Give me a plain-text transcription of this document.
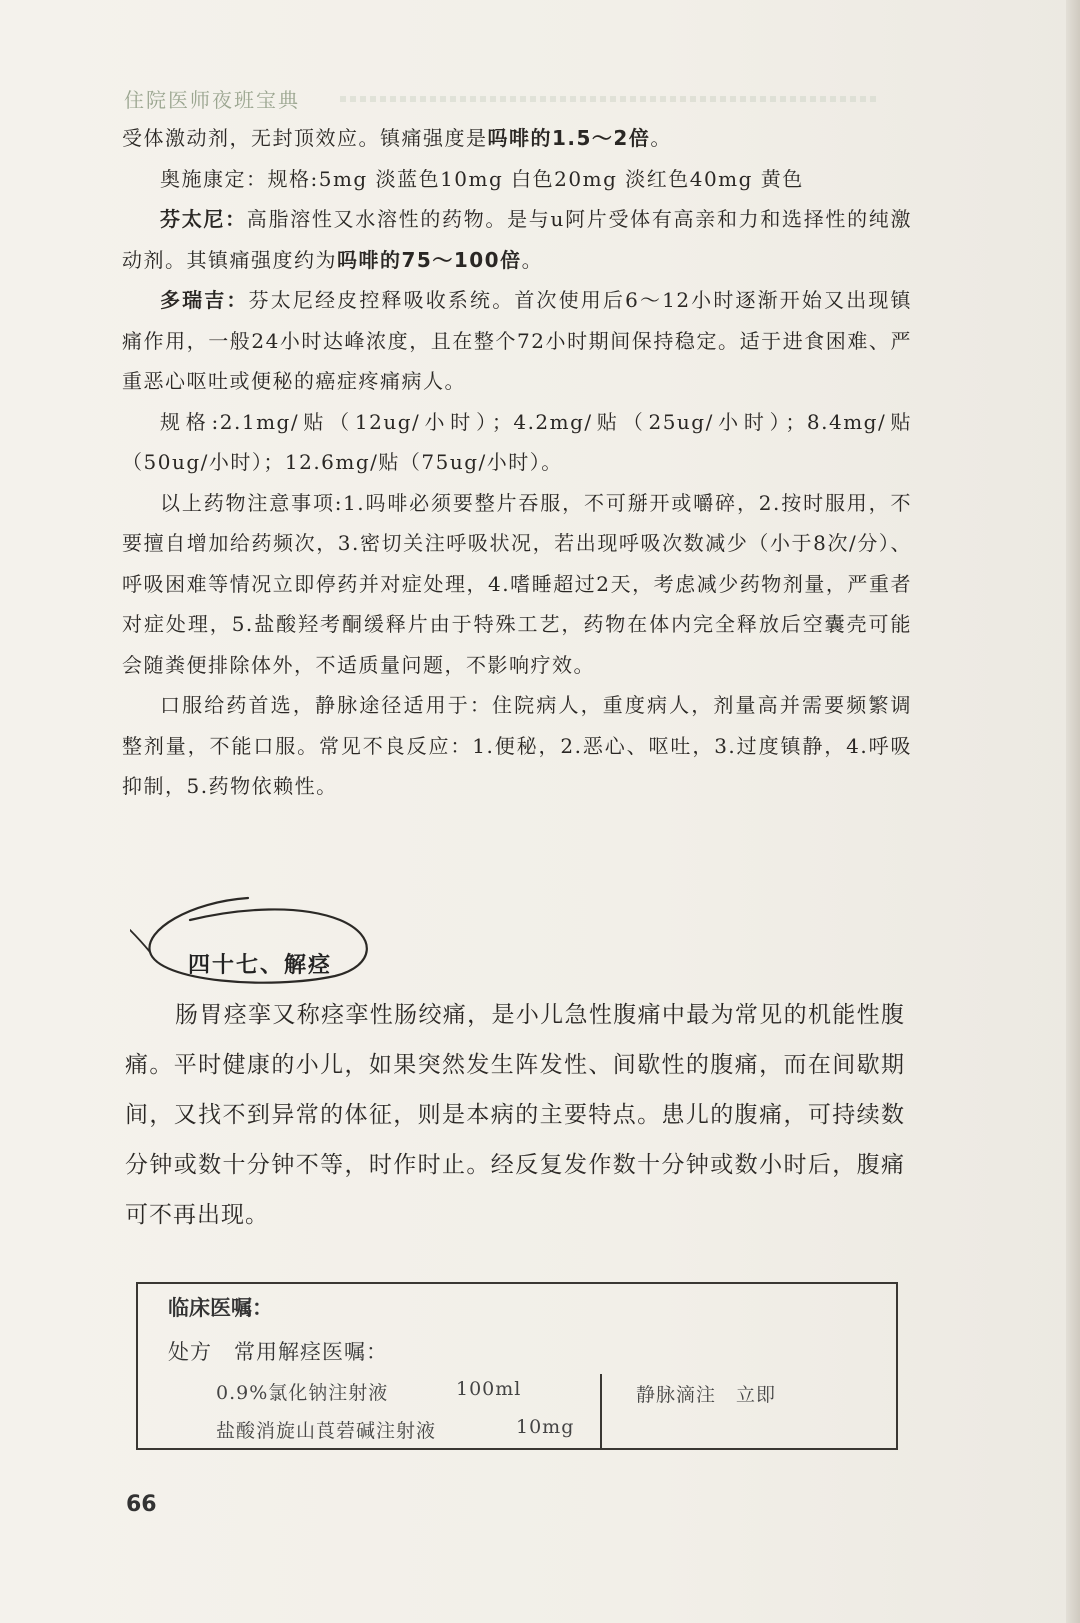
住院医师夜班宝典

受体激动剂，无封顶效应。镇痛强度是吗啡的1.5～2倍。

奥施康定：规格:5mg 淡蓝色10mg 白色20mg 淡红色40mg 黄色

芬太尼：高脂溶性又水溶性的药物。是与u阿片受体有高亲和力和选择性的纯激动剂。其镇痛强度约为吗啡的75～100倍。

多瑞吉：芬太尼经皮控释吸收系统。首次使用后6～12小时逐渐开始又出现镇痛作用，一般24小时达峰浓度，且在整个72小时期间保持稳定。适于进食困难、严重恶心呕吐或便秘的癌症疼痛病人。

规格:2.1mg/贴（12ug/小时）；4.2mg/贴（25ug/小时）；8.4mg/贴（50ug/小时）；12.6mg/贴（75ug/小时）。

以上药物注意事项:1.吗啡必须要整片吞服，不可掰开或嚼碎，2.按时服用，不要擅自增加给药频次，3.密切关注呼吸状况，若出现呼吸次数减少（小于8次/分）、呼吸困难等情况立即停药并对症处理，4.嗜睡超过2天，考虑减少药物剂量，严重者对症处理，5.盐酸羟考酮缓释片由于特殊工艺，药物在体内完全释放后空囊壳可能会随粪便排除体外，不适质量问题，不影响疗效。

口服给药首选，静脉途径适用于：住院病人，重度病人，剂量高并需要频繁调整剂量，不能口服。常见不良反应：1.便秘，2.恶心、呕吐，3.过度镇静，4.呼吸抑制，5.药物依赖性。

四十七、解痉

肠胃痉挛又称痉挛性肠绞痛，是小儿急性腹痛中最为常见的机能性腹痛。平时健康的小儿，如果突然发生阵发性、间歇性的腹痛，而在间歇期间，又找不到异常的体征，则是本病的主要特点。患儿的腹痛，可持续数分钟或数十分钟不等，时作时止。经反复发作数十分钟或数小时后，腹痛可不再出现。

临床医嘱：
处方　常用解痉医嘱：
0.9%氯化钠注射液	100ml
盐酸消旋山莨菪碱注射液	10mg
静脉滴注　立即
66
